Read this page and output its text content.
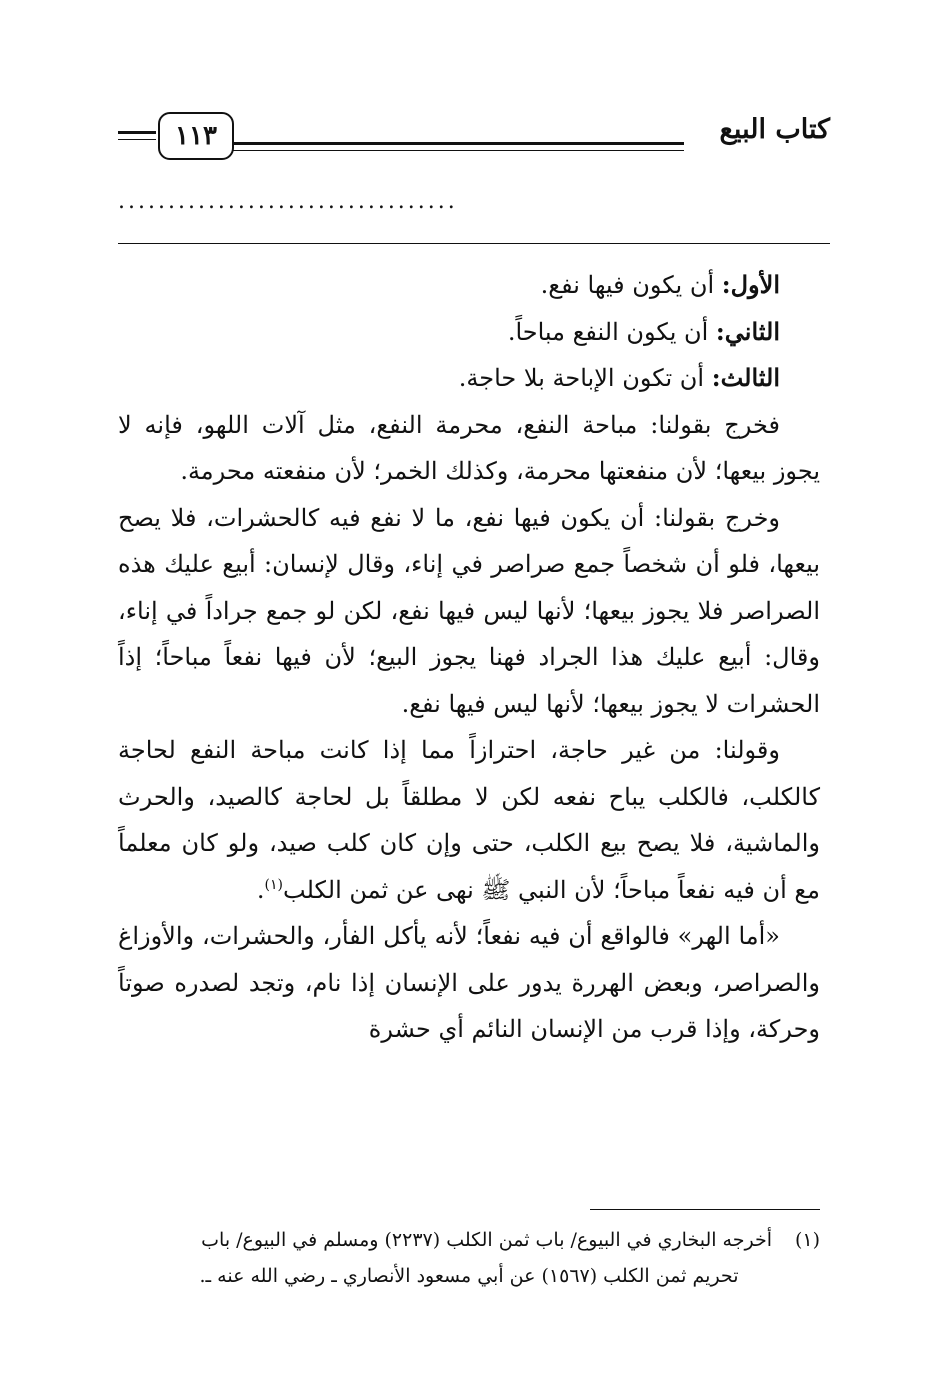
١١٣	كتاب البيع
..................................

الأول: أن يكون فيها نفع.

الثاني: أن يكون النفع مباحاً.

الثالث: أن تكون الإباحة بلا حاجة.

فخرج بقولنا: مباحة النفع، محرمة النفع، مثل آلات اللهو، فإنه لا يجوز بيعها؛ لأن منفعتها محرمة، وكذلك الخمر؛ لأن منفعته محرمة.

وخرج بقولنا: أن يكون فيها نفع، ما لا نفع فيه كالحشرات، فلا يصح بيعها، فلو أن شخصاً جمع صراصر في إناء، وقال لإنسان: أبيع عليك هذه الصراصر فلا يجوز بيعها؛ لأنها ليس فيها نفع، لكن لو جمع جراداً في إناء، وقال: أبيع عليك هذا الجراد فهنا يجوز البيع؛ لأن فيها نفعاً مباحاً؛ إذاً الحشرات لا يجوز بيعها؛ لأنها ليس فيها نفع.

وقولنا: من غير حاجة، احترازاً مما إذا كانت مباحة النفع لحاجة كالكلب، فالكلب يباح نفعه لكن لا مطلقاً بل لحاجة كالصيد، والحرث والماشية، فلا يصح بيع الكلب، حتى وإن كان كلب صيد، ولو كان معلماً مع أن فيه نفعاً مباحاً؛ لأن النبي ﷺ نهى عن ثمن الكلب$^{(١)}$.

«أما الهر» فالواقع أن فيه نفعاً؛ لأنه يأكل الفأر، والحشرات، والأوزاغ والصراصر، وبعض الهررة يدور على الإنسان إذا نام، وتجد لصدره صوتاً وحركة، وإذا قرب من الإنسان النائم أي حشرة

(١)أخرجه البخاري في البيوع/ باب ثمن الكلب (٢٢٣٧) ومسلم في البيوع/ باب

تحريم ثمن الكلب (١٥٦٧) عن أبي مسعود الأنصاري ـ رضي الله عنه ـ.
